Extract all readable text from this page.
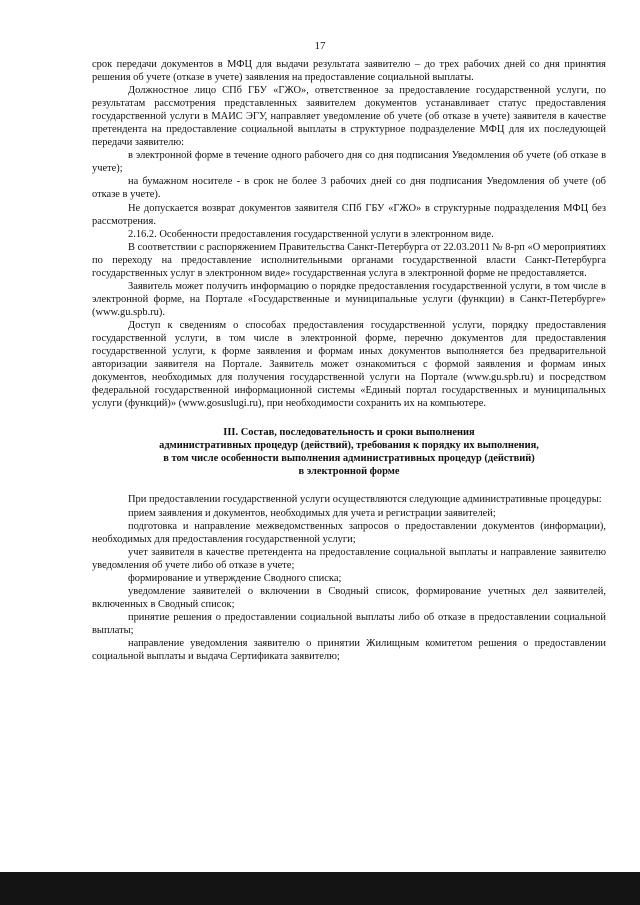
17

срок передачи документов в МФЦ для выдачи результата заявителю – до трех рабочих дней со дня принятия решения об учете (отказе в учете) заявления на предоставление социальной выплаты.

Должностное лицо СПб ГБУ «ГЖО», ответственное за предоставление государственной услуги, по результатам рассмотрения представленных заявителем документов устанавливает статус предоставления государственной услуги в МАИС ЭГУ, направляет уведомление об учете (об отказе в учете) заявителя в качестве претендента на предоставление социальной выплаты в структурное подразделение МФЦ для их последующей передачи заявителю:

в электронной форме в течение одного рабочего дня со дня подписания Уведомления об учете (об отказе в учете);

на бумажном носителе - в срок не более 3 рабочих дней со дня подписания Уведомления об учете (об отказе в учете).

Не допускается возврат документов заявителя СПб ГБУ «ГЖО» в структурные подразделения МФЦ без рассмотрения.

2.16.2. Особенности предоставления государственной услуги в электронном виде.

В соответствии с распоряжением Правительства Санкт-Петербурга от 22.03.2011 № 8-рп «О мероприятиях по переходу на предоставление исполнительными органами государственной власти Санкт-Петербурга государственных услуг в электронном виде» государственная услуга в электронной форме не предоставляется.

Заявитель может получить информацию о порядке предоставления государственной услуги, в том числе в электронной форме, на Портале «Государственные и муниципальные услуги (функции) в Санкт-Петербурге» (www.gu.spb.ru).

Доступ к сведениям о способах предоставления государственной услуги, порядку предоставления государственной услуги, в том числе в электронной форме, перечню документов для предоставления государственной услуги, к форме заявления и формам иных документов выполняется без предварительной авторизации заявителя на Портале. Заявитель может ознакомиться с формой заявления и формам иных документов, необходимых для получения государственной услуги на Портале (www.gu.spb.ru) и посредством федеральной государственной информационной системы «Единый портал государственных и муниципальных услуги (функций)» (www.gosuslugi.ru), при необходимости сохранить их на компьютере.

III. Состав, последовательность и сроки выполнения
административных процедур (действий), требования к порядку их выполнения,
в том числе особенности выполнения административных процедур (действий)
в электронной форме

При предоставлении государственной услуги осуществляются следующие административные процедуры:

прием заявления и документов, необходимых для учета и регистрации заявителей;

подготовка и направление межведомственных запросов о предоставлении документов (информации), необходимых для предоставления государственной услуги;

учет заявителя в качестве претендента на предоставление социальной выплаты и направление заявителю уведомления об учете либо об отказе в учете;

формирование и утверждение Сводного списка;

уведомление заявителей о включении в Сводный список, формирование учетных дел заявителей, включенных в Сводный список;

принятие решения о предоставлении социальной выплаты либо об отказе в предоставлении социальной выплаты;

направление уведомления заявителю о принятии Жилищным комитетом решения о предоставлении социальной выплаты и выдача Сертификата заявителю;
